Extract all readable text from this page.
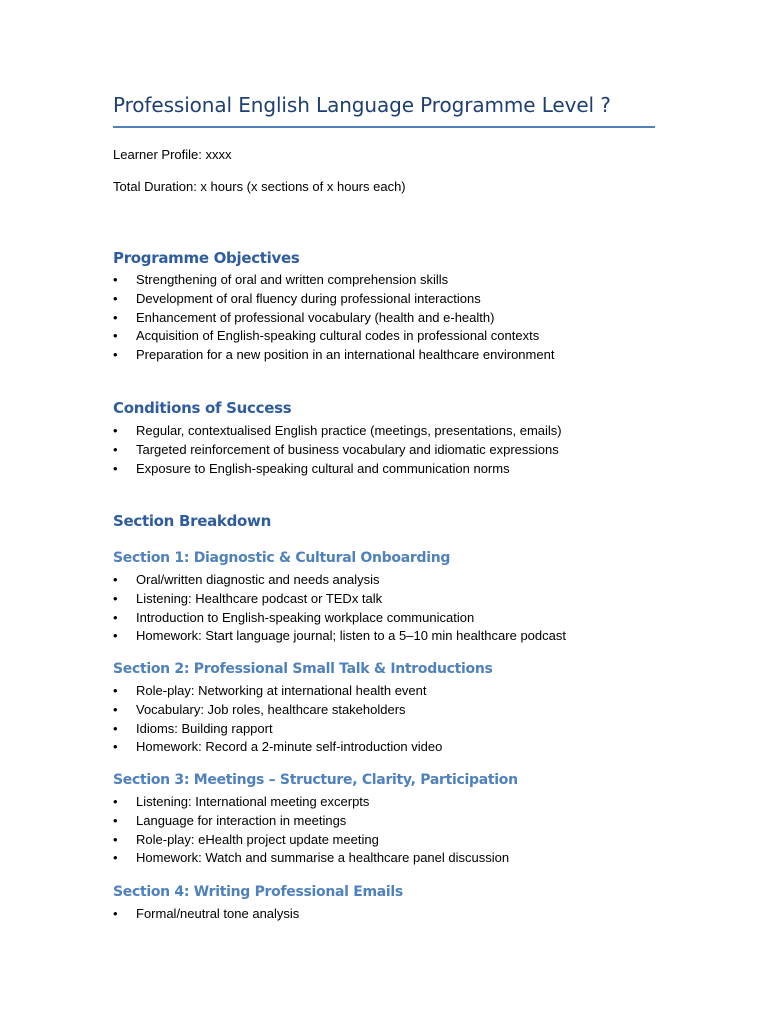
Professional English Language Programme Level ?
Learner Profile: xxxx
Total Duration: x hours (x sections of x hours each)
Programme Objectives
• Strengthening of oral and written comprehension skills
• Development of oral fluency during professional interactions
• Enhancement of professional vocabulary (health and e-health)
• Acquisition of English-speaking cultural codes in professional contexts
• Preparation for a new position in an international healthcare environment
Conditions of Success
• Regular, contextualised English practice (meetings, presentations, emails)
• Targeted reinforcement of business vocabulary and idiomatic expressions
• Exposure to English-speaking cultural and communication norms
Section Breakdown
Section 1: Diagnostic & Cultural Onboarding
• Oral/written diagnostic and needs analysis
• Listening: Healthcare podcast or TEDx talk
• Introduction to English-speaking workplace communication
• Homework: Start language journal; listen to a 5–10 min healthcare podcast
Section 2: Professional Small Talk & Introductions
• Role-play: Networking at international health event
• Vocabulary: Job roles, healthcare stakeholders
• Idioms: Building rapport
• Homework: Record a 2-minute self-introduction video
Section 3: Meetings – Structure, Clarity, Participation
• Listening: International meeting excerpts
• Language for interaction in meetings
• Role-play: eHealth project update meeting
• Homework: Watch and summarise a healthcare panel discussion
Section 4: Writing Professional Emails
• Formal/neutral tone analysis
